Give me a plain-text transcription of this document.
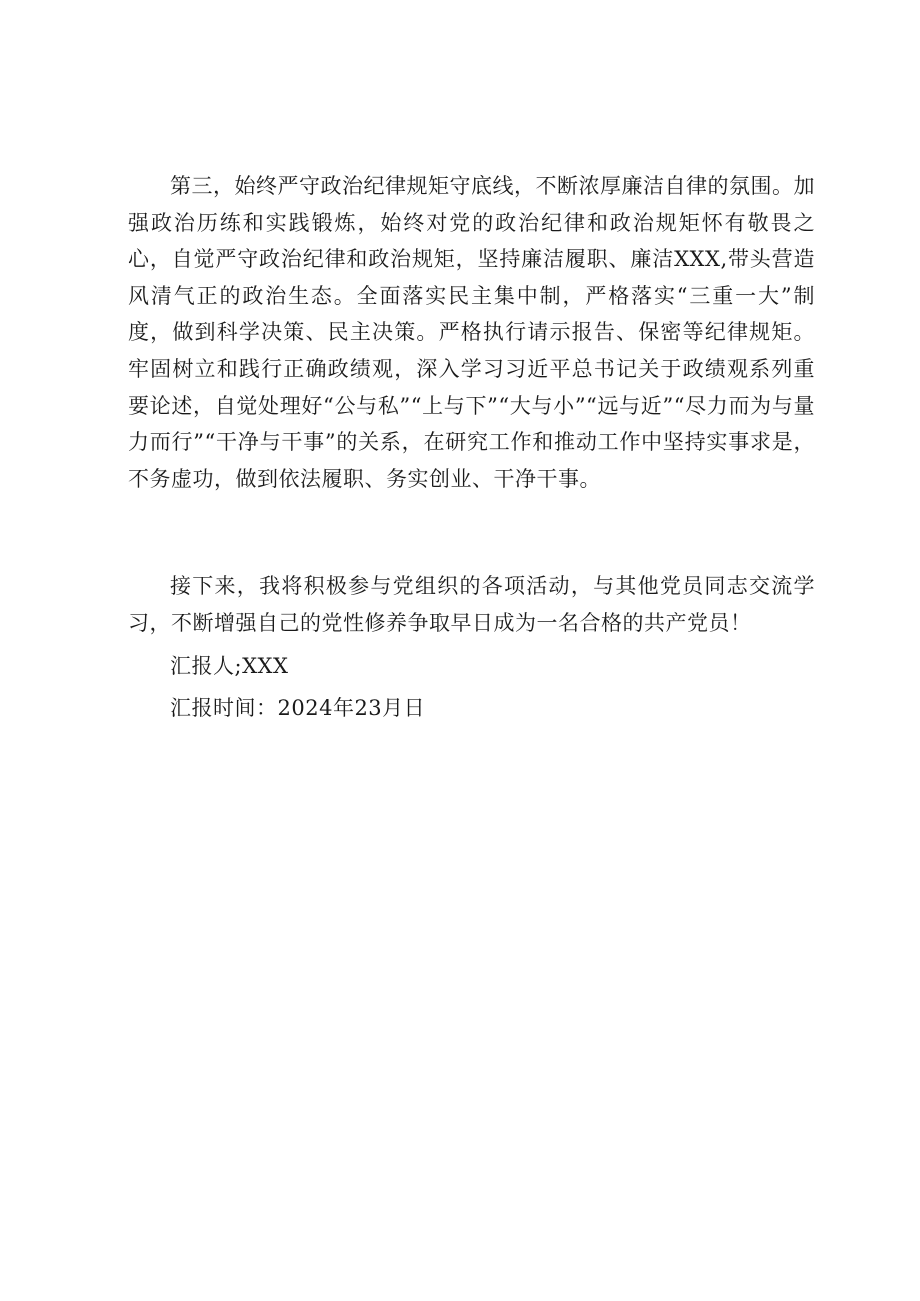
第三，始终严守政治纪律规矩守底线，不断浓厚廉洁自律的氛围。加强政治历练和实践锻炼，始终对党的政治纪律和政治规矩怀有敬畏之心，自觉严守政治纪律和政治规矩，坚持廉洁履职、廉洁XXX,带头营造风清气正的政治生态。全面落实民主集中制，严格落实“三重一大”制度，做到科学决策、民主决策。严格执行请示报告、保密等纪律规矩。牢固树立和践行正确政绩观，深入学习习近平总书记关于政绩观系列重要论述，自觉处理好“公与私”“上与下”“大与小”“远与近”“尽力而为与量力而行”“干净与干事”的关系，在研究工作和推动工作中坚持实事求是，不务虚功，做到依法履职、务实创业、干净干事。

接下来，我将积极参与党组织的各项活动，与其他党员同志交流学习，不断增强自己的党性修养争取早日成为一名合格的共产党员！

汇报人;XXX

汇报时间：2024年23月日
